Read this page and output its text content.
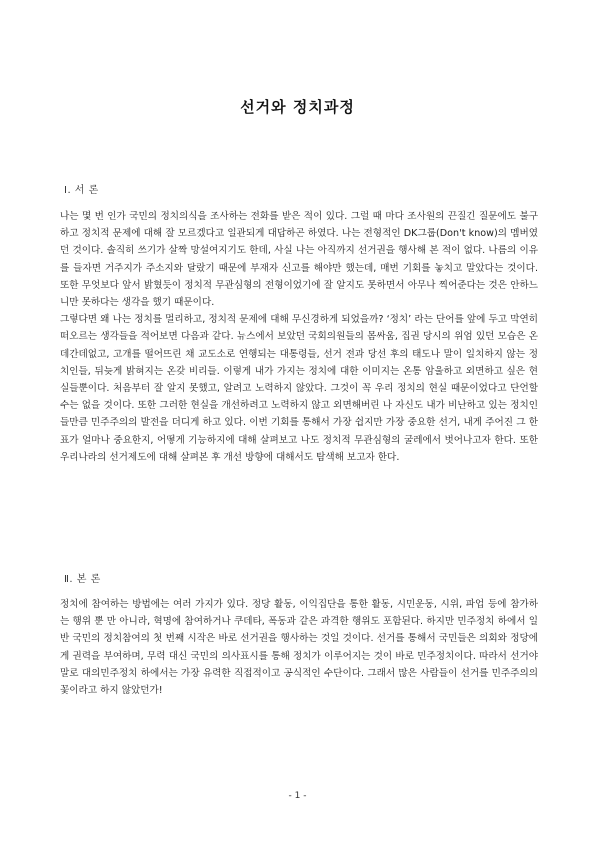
선거와 정치과정
Ⅰ. 서 론

나는 몇 번 인가 국민의 정치의식을 조사하는 전화를 받은 적이 있다. 그럴 때 마다 조사원의 끈질긴 질문에도 불구하고 정치적 문제에 대해 잘 모르겠다고 일관되게 대답하곤 하였다. 나는 전형적인 DK그룹(Don't know)의 멤버였던 것이다. 솔직히 쓰기가 살짝 망설여지기도 한데, 사실 나는 아직까지 선거권을 행사해 본 적이 없다. 나름의 이유를 들자면 거주지가 주소지와 달랐기 때문에 부재자 신고를 해야만 했는데, 매번 기회를 놓치고 말았다는 것이다. 또한 무엇보다 앞서 밝혔듯이 정치적 무관심형의 전형이었기에 잘 알지도 못하면서 아무나 찍어준다는 것은 안하느니만 못하다는 생각을 했기 때문이다.

그렇다면 왜 나는 정치를 멀리하고, 정치적 문제에 대해 무신경하게 되었을까? ‘정치’ 라는 단어를 앞에 두고 막연히 떠오르는 생각들을 적어보면 다음과 같다. 뉴스에서 보았던 국회의원들의 몸싸움, 집권 당시의 위엄 있던 모습은 온데간데없고, 고개를 떨어뜨린 채 교도소로 연행되는 대통령들, 선거 전과 당선 후의 태도나 말이 일치하지 않는 정치인들, 뒤늦게 밝혀지는 온갖 비리들. 이렇게 내가 가지는 정치에 대한 이미지는 온통 암울하고 외면하고 싶은 현실들뿐이다. 처음부터 잘 알지 못했고, 알려고 노력하지 않았다. 그것이 꼭 우리 정치의 현실 때문이었다고 단언할 수는 없을 것이다. 또한 그러한 현실을 개선하려고 노력하지 않고 외면해버린 나 자신도 내가 비난하고 있는 정치인들만큼 민주주의의 발전을 더디게 하고 있다. 이번 기회를 통해서 가장 쉽지만 가장 중요한 선거, 내게 주어진 그 한 표가 얼마나 중요한지, 어떻게 기능하지에 대해 살펴보고 나도 정치적 무관심형의 굴레에서 벗어나고자 한다. 또한 우리나라의 선거제도에 대해 살펴본 후 개선 방향에 대해서도 탐색해 보고자 한다.

Ⅱ. 본 론

정치에 참여하는 방법에는 여러 가지가 있다. 정당 활동, 이익집단을 통한 활동, 시민운동, 시위, 파업 등에 참가하는 행위 뿐 만 아니라, 혁명에 참여하거나 쿠데타, 폭동과 같은 과격한 행위도 포함된다. 하지만 민주정치 하에서 일반 국민의 정치참여의 첫 번째 시작은 바로 선거권을 행사하는 것일 것이다. 선거를 통해서 국민들은 의회와 정당에게 권력을 부여하며, 무력 대신 국민의 의사표시를 통해 정치가 이루어지는 것이 바로 민주정치이다. 따라서 선거야말로 대의민주정치 하에서는 가장 유력한 직접적이고 공식적인 수단이다. 그래서 많은 사람들이 선거를 민주주의의 꽃이라고 하지 않았던가!

- 1 -
